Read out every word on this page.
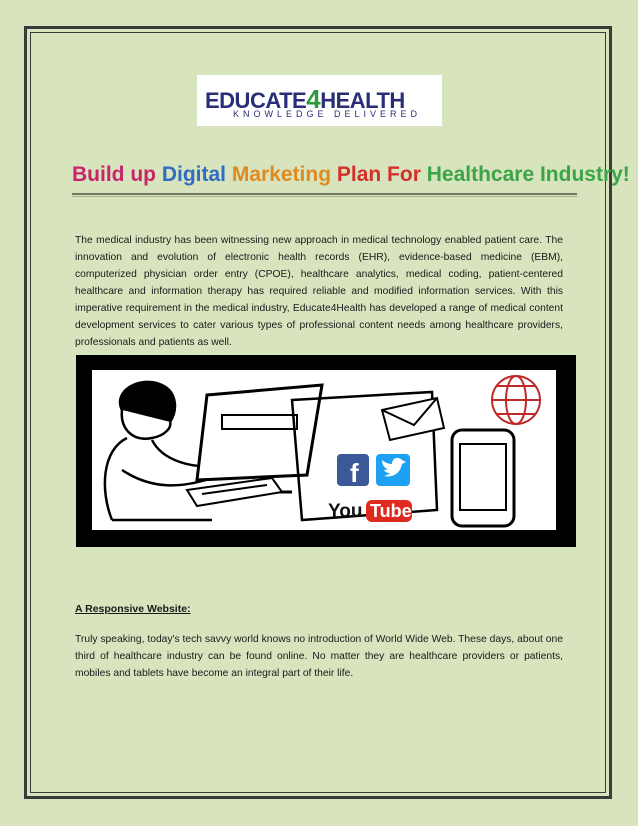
EDUCATE4HEALTH
KNOWLEDGE DELIVERED
Build up Digital Marketing Plan For Healthcare Industry!
The medical industry has been witnessing new approach in medical technology enabled patient care. The innovation and evolution of electronic health records (EHR), evidence-based medicine (EBM), computerized physician order entry (CPOE), healthcare analytics, medical coding, patient-centered healthcare and information therapy has required reliable and modified information services. With this imperative requirement in the medical industry, Educate4Health has developed a range of medical content development services to cater various types of professional content needs among healthcare providers, professionals and patients as well.
f
You Tube
A Responsive Website:
Truly speaking, today's tech savvy world knows no introduction of World Wide Web. These days, about one third of healthcare industry can be found online. No matter they are healthcare providers or patients, mobiles and tablets have become an integral part of their life.
